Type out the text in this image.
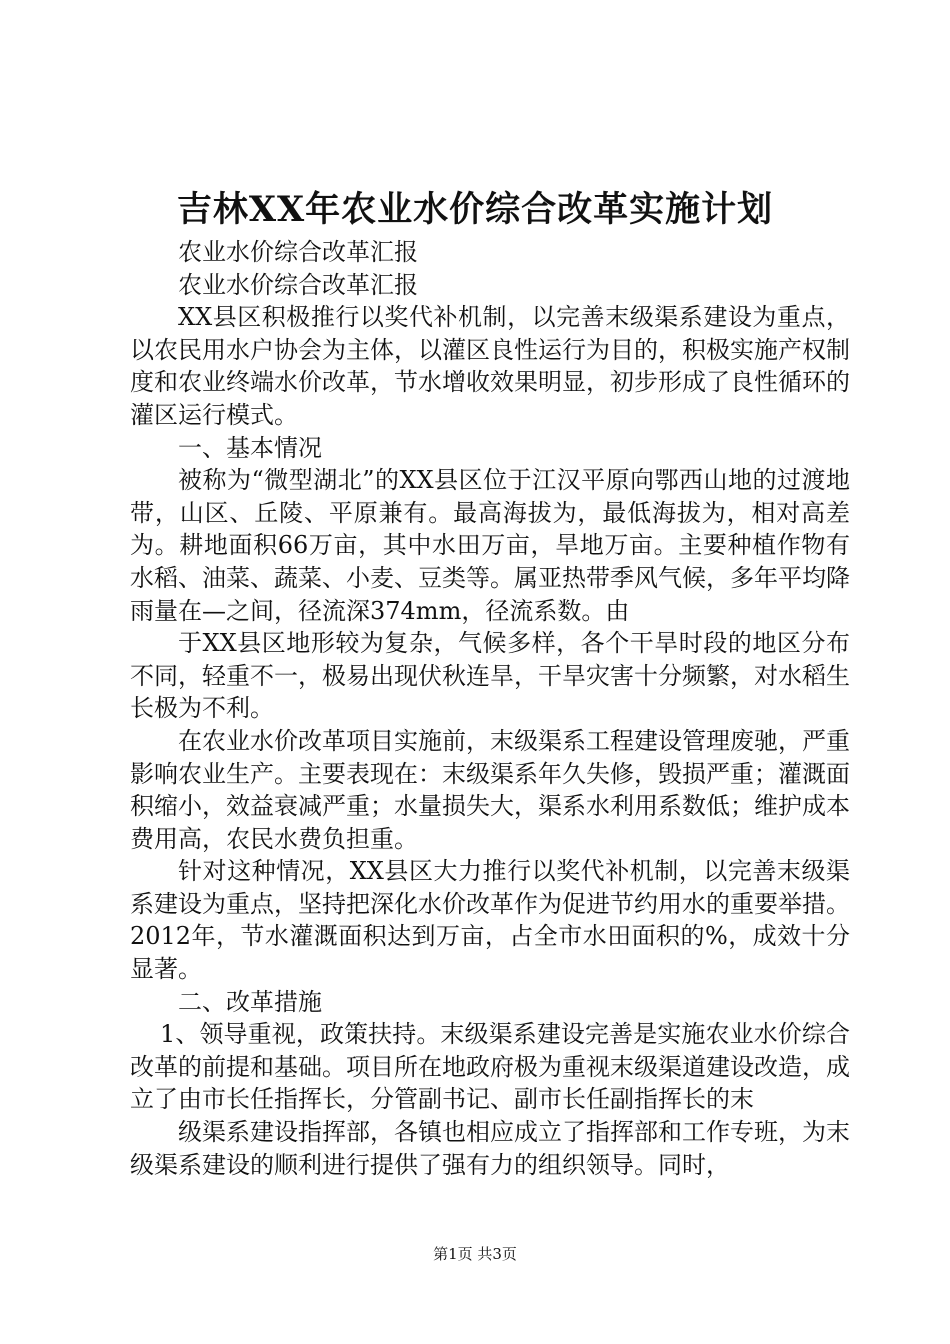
吉林XX年农业水价综合改革实施计划

农业水价综合改革汇报

农业水价综合改革汇报

XX县区积极推行以奖代补机制，以完善末级渠系建设为重点，以农民用水户协会为主体，以灌区良性运行为目的，积极实施产权制度和农业终端水价改革，节水增收效果明显，初步形成了良性循环的灌区运行模式。

一、基本情况

被称为“微型湖北”的XX县区位于江汉平原向鄂西山地的过渡地带，山区、丘陵、平原兼有。最高海拔为，最低海拔为，相对高差为。耕地面积66万亩，其中水田万亩，旱地万亩。主要种植作物有水稻、油菜、蔬菜、小麦、豆类等。属亚热带季风气候，多年平均降雨量在—之间，径流深374mm，径流系数。由

于XX县区地形较为复杂，气候多样，各个干旱时段的地区分布不同，轻重不一，极易出现伏秋连旱，干旱灾害十分频繁，对水稻生长极为不利。

在农业水价改革项目实施前，末级渠系工程建设管理废驰，严重影响农业生产。主要表现在：末级渠系年久失修，毁损严重；灌溉面积缩小，效益衰减严重；水量损失大，渠系水利用系数低；维护成本费用高，农民水费负担重。

针对这种情况，XX县区大力推行以奖代补机制，以完善末级渠系建设为重点，坚持把深化水价改革作为促进节约用水的重要举措。2012年，节水灌溉面积达到万亩，占全市水田面积的%，成效十分显著。

二、改革措施

1、领导重视，政策扶持。末级渠系建设完善是实施农业水价综合改革的前提和基础。项目所在地政府极为重视末级渠道建设改造，成立了由市长任指挥长，分管副书记、副市长任副指挥长的末

级渠系建设指挥部，各镇也相应成立了指挥部和工作专班，为末级渠系建设的顺利进行提供了强有力的组织领导。同时，

第1页 共3页
